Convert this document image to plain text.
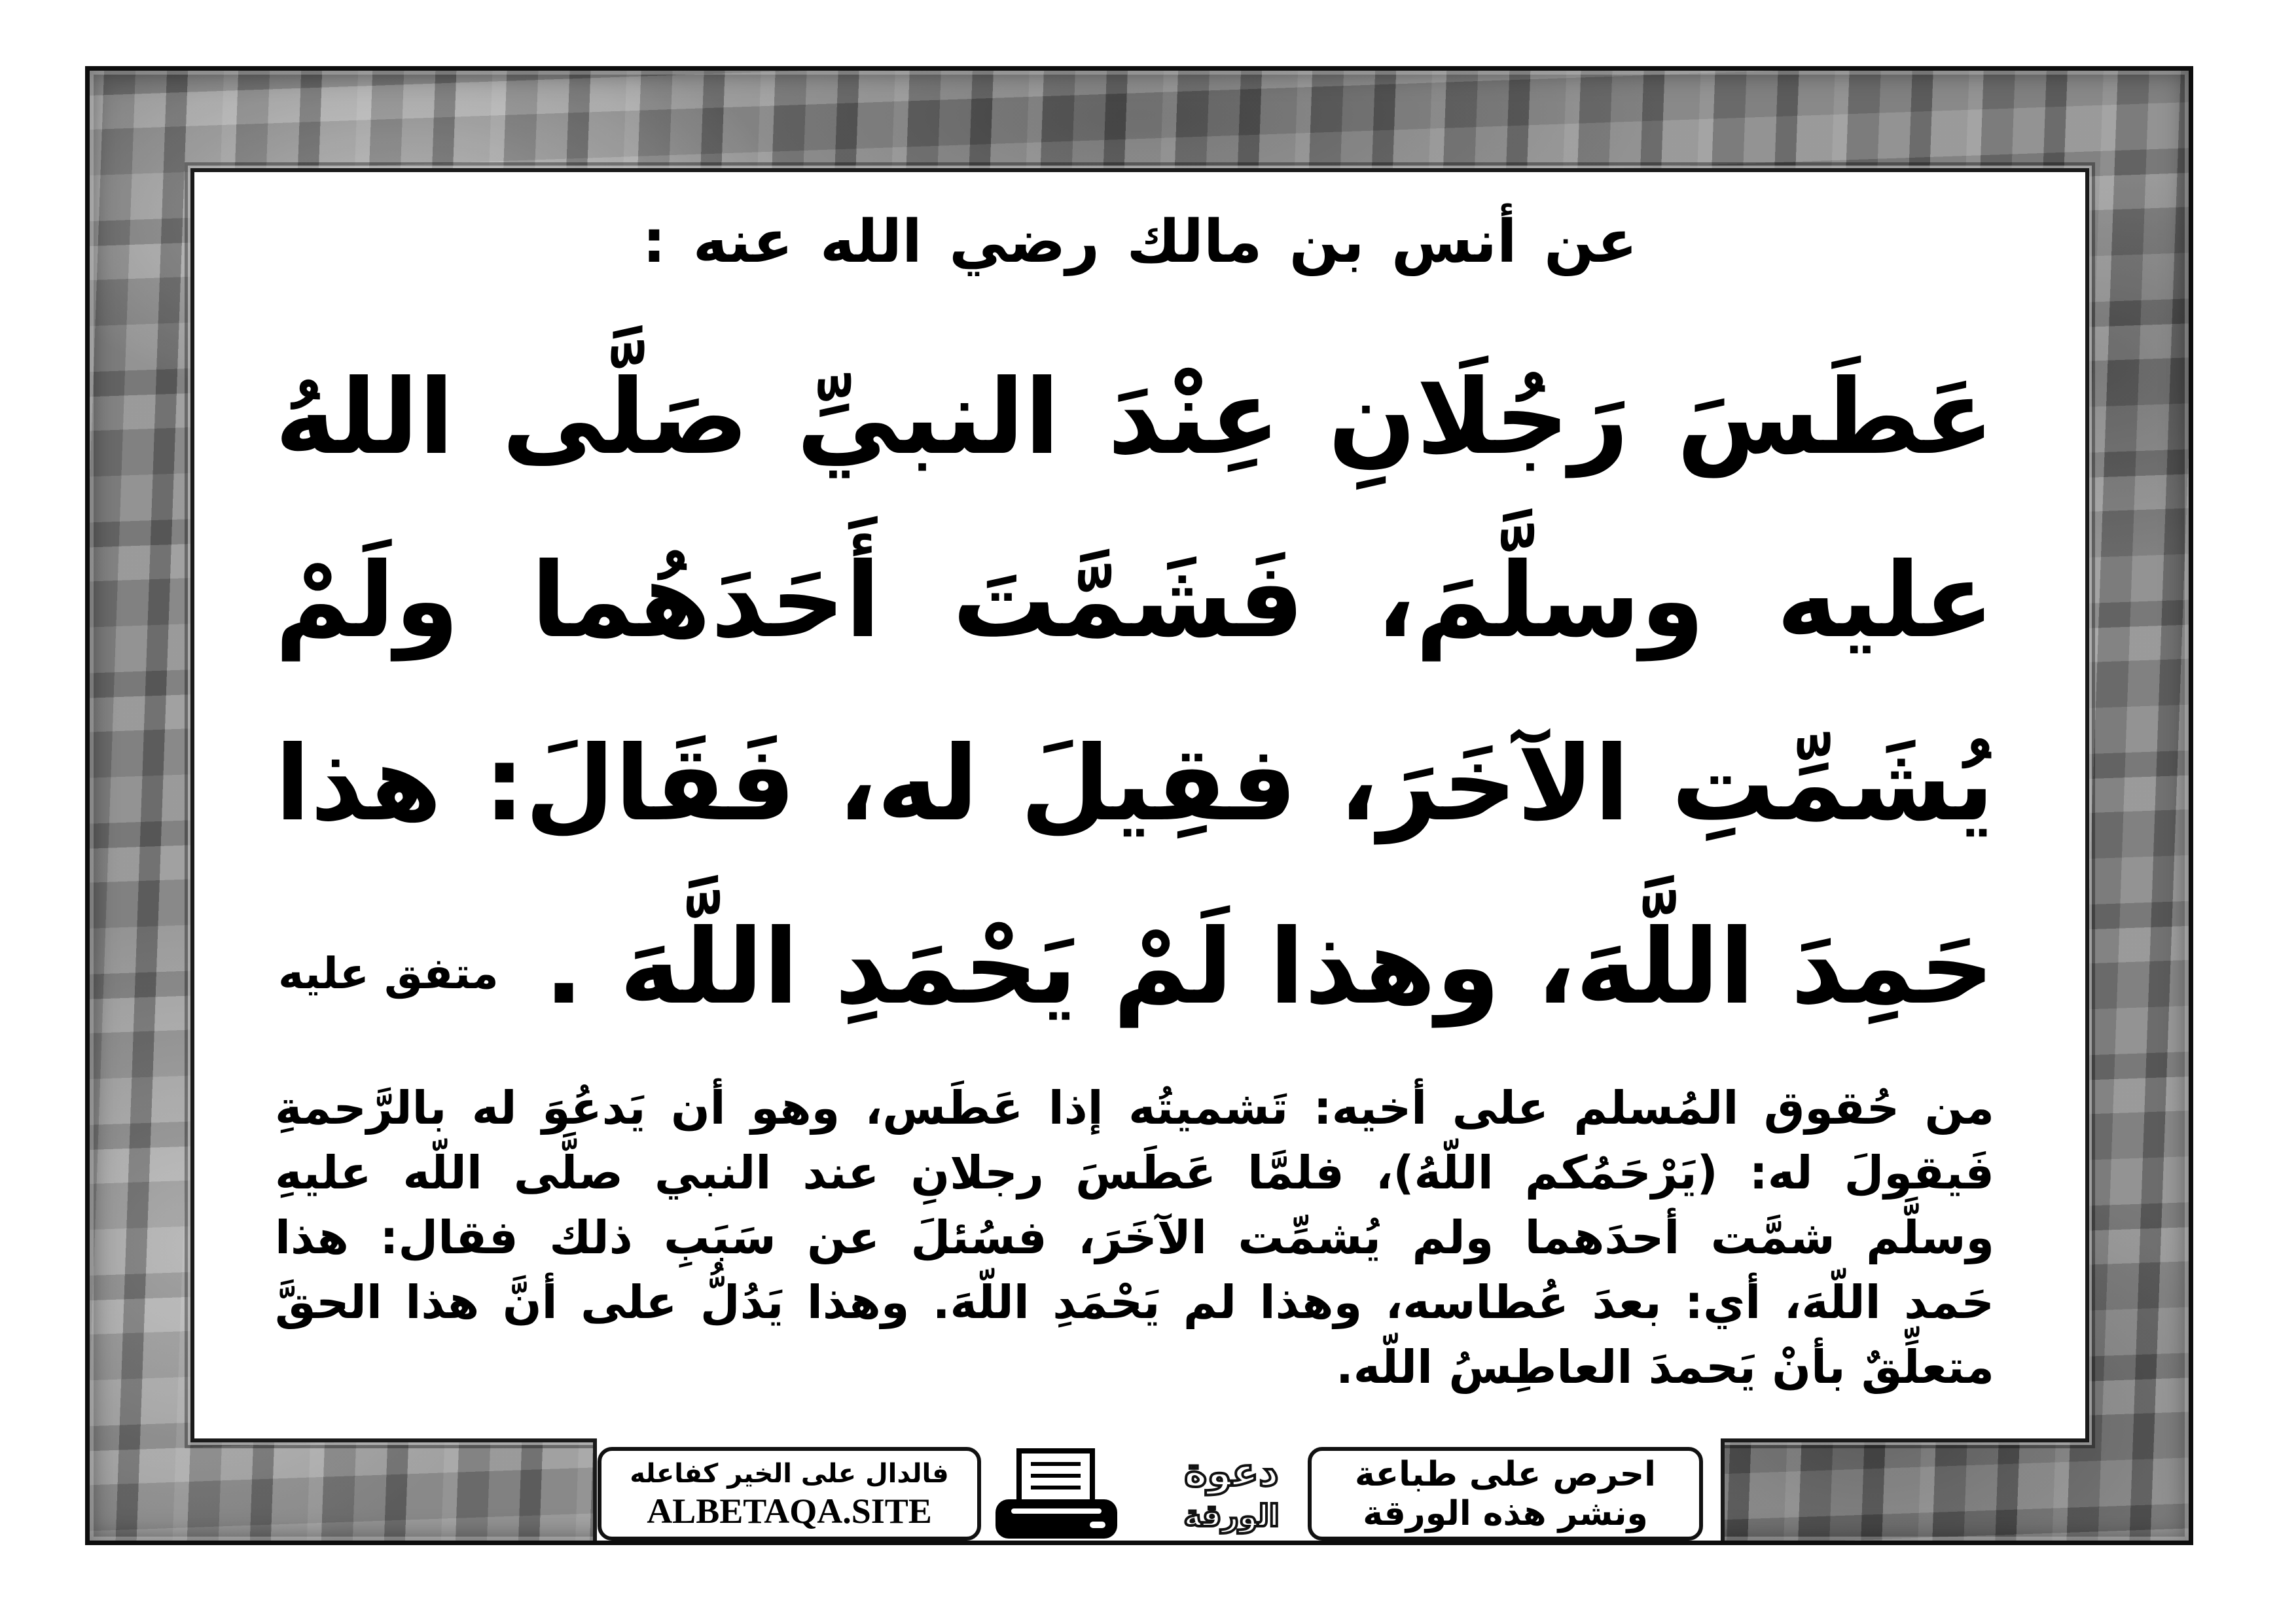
عن أنس بن مالك رضي الله عنه :
عَطَسَ رَجُلَانِ عِنْدَ النبيِّ صَلَّى اللهُ
عليه وسلَّمَ، فَشَمَّتَ أَحَدَهُما ولَمْ
يُشَمِّتِ الآخَرَ، فقِيلَ له، فَقَالَ: هذا
حَمِدَ اللَّهَ، وهذا لَمْ يَحْمَدِ اللَّهَ .
متفق عليه
من حُقوق المُسلم على أخيه: تَشميتُه إذا عَطَس، وهو أن يَدعُوَ له بالرَّحمةِ
فَيقولَ له: (يَرْحَمُكم اللّهُ)، فلمَّا عَطَسَ رجلانِ عند النبي صلَّى اللّه عليهِ
وسلَّم شمَّت أحدَهما ولم يُشمِّت الآخَرَ، فسُئلَ عن سَبَبِ ذلك فقال: هذا
حَمد اللّهَ، أي: بعدَ عُطاسه، وهذا لم يَحْمَدِ اللّهَ. وهذا يَدُلُّ على أنَّ هذا الحقَّ
متعلِّقٌ بأنْ يَحمدَ العاطِسُ اللّه.
فالدال على الخير كفاعله
ALBETAQA.SITE
دعوة
الورقة
احرص على طباعة
ونشر هذه الورقة
